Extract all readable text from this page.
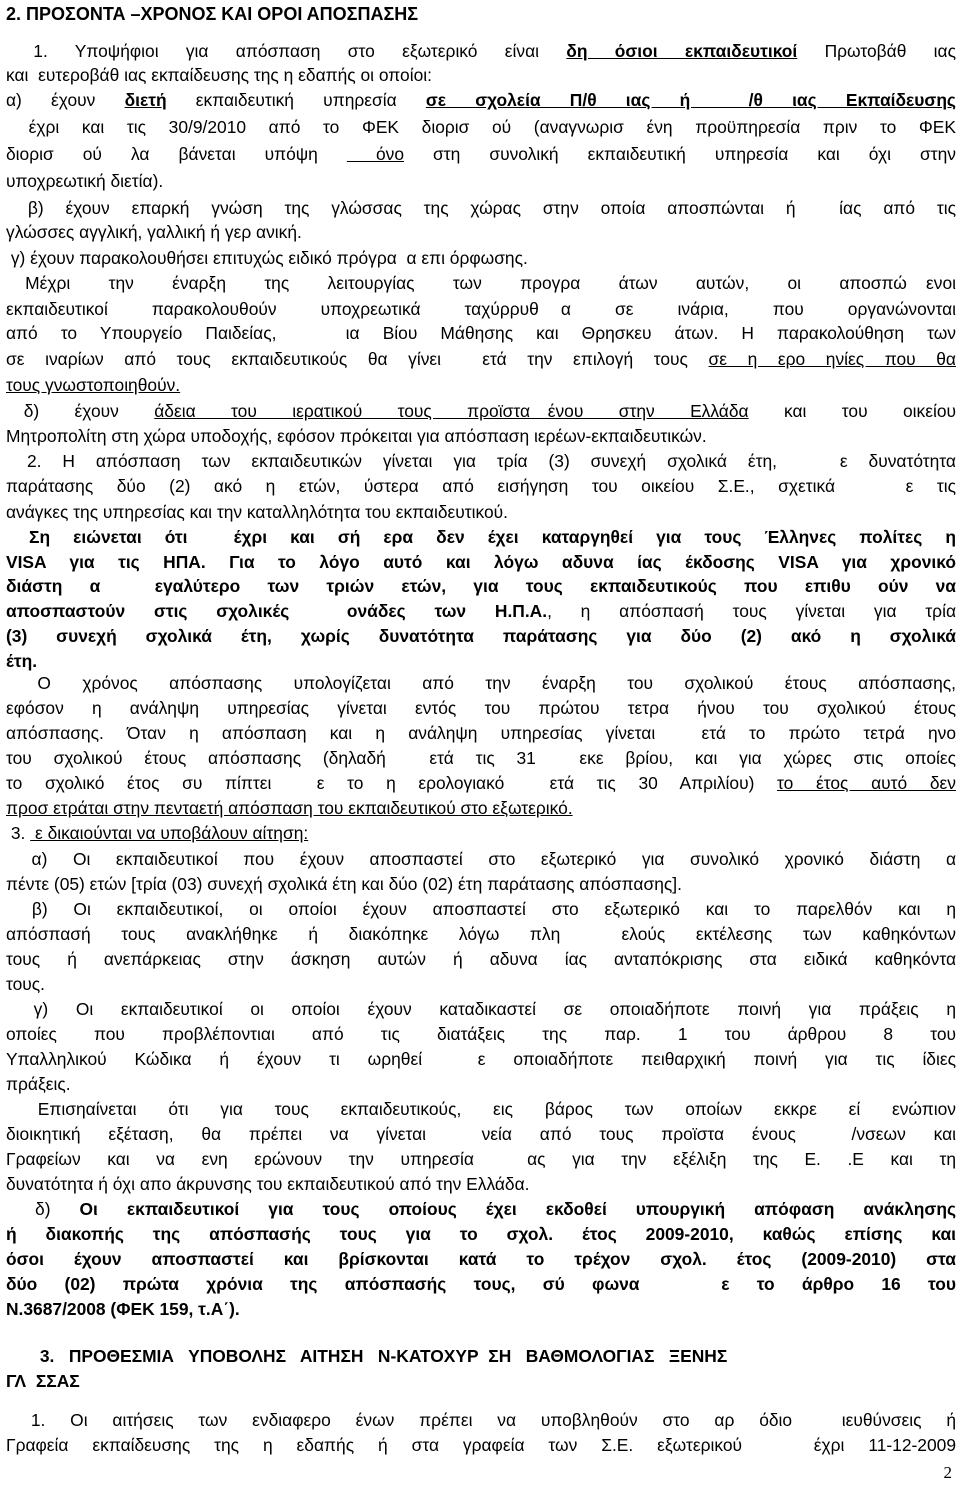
2. ΠΡΟΣΟΝΤΑ –ΧΡΟΝΟΣ ΚΑΙ ΟΡΟΙ ΑΠΟΣΠΑΣΗΣ
1. Υποψήφιοι για απόσπαση στο εξωτερικό είναι δη όσιοι εκπαιδευτικοί Πρωτοβάθ ιας
και  ευτεροβάθ ιας εκπαίδευσης της η εδαπής οι οποίοι:
α) έχουν διετή εκπαιδευτική υπηρεσία σε σχολεία Π/θ ιας ή  /θ ιας Εκπαίδευσης
έχρι και τις 30/9/2010 από το ΦΕΚ διορισ ού (αναγνωρισ ένη προϋπηρεσία πριν το ΦΕΚ
διορισ ού λα βάνεται υπόψη  όνο στη συνολική εκπαιδευτική υπηρεσία και όχι στην
υποχρεωτική διετία).
β) έχουν επαρκή γνώση της γλώσσας της χώρας στην οποία αποσπώνται ή  ίας από τις
γλώσσες αγγλική, γαλλική ή γερ ανική.
γ) έχουν παρακολουθήσει επιτυχώς ειδικό πρόγρα  α επι όρφωσης.
Μέχρι  την  έναρξη  της  λειτουργίας  των  προγρα  άτων  αυτών,  οι  αποσπώ ενοι
εκπαιδευτικοί  παρακολουθούν  υποχρεωτικά  ταχύρρυθ α  σε  ινάρια,  που  οργανώνονται
από το Υπουργείο Παιδείας,   ια Βίου Μάθησης και Θρησκευ άτων. Η παρακολούθηση των
σε ιναρίων από τους εκπαιδευτικούς θα γίνει  ετά την επιλογή τους σε η ερο ηνίες που θα
τους γνωστοποιηθούν.
δ)  έχουν  άδεια  του  ιερατικού  τους  προϊστα ένου  στην  Ελλάδα  και  του  οικείου
Μητροπολίτη στη χώρα υποδοχής, εφόσον πρόκειται για απόσπαση ιερέων-εκπαιδευτικών.
2. Η απόσπαση των εκπαιδευτικών γίνεται για τρία (3) συνεχή σχολικά έτη,   ε δυνατότητα
παράτασης δύο (2) ακό η ετών, ύστερα από εισήγηση του οικείου Σ.Ε., σχετικά   ε τις
ανάγκες της υπηρεσίας και την καταλληλότητα του εκπαιδευτικού.
Ση ειώνεται ότι  έχρι και σή ερα δεν έχει καταργηθεί για τους Έλληνες πολίτες η
VISA για τις ΗΠΑ. Για το λόγο αυτό και λόγω αδυνα ίας έκδοσης VISA για χρονικό
διάστη α  εγαλύτερο των τριών ετών, για τους εκπαιδευτικούς που επιθυ ούν να
αποσπαστούν στις σχολικές  ονάδες των Η.Π.Α., η απόσπασή τους γίνεται για τρία
(3) συνεχή σχολικά έτη, χωρίς δυνατότητα παράτασης για δύο (2) ακό η σχολικά
έτη.
Ο χρόνος απόσπασης υπολογίζεται από την έναρξη του σχολικού έτους απόσπασης,
εφόσον η ανάληψη υπηρεσίας γίνεται εντός του πρώτου τετρα ήνου του σχολικού έτους
απόσπασης. Όταν η απόσπαση και η ανάληψη υπηρεσίας γίνεται  ετά το πρώτο τετρά ηνο
του σχολικού έτους απόσπασης (δηλαδή  ετά τις 31  εκε βρίου, και για χώρες στις οποίες
το σχολικό έτος συ πίπτει  ε το η ερολογιακό  ετά τις 30 Απριλίου) το έτος αυτό δεν
προσ ετράται στην πενταετή απόσπαση του εκπαιδευτικού στο εξωτερικό.
3.  ε δικαιούνται να υποβάλουν αίτηση:
α) Οι εκπαιδευτικοί που έχουν αποσπαστεί στο εξωτερικό για συνολικό χρονικό διάστη α
πέντε (05) ετών [τρία (03) συνεχή σχολικά έτη και δύο (02) έτη παράτασης απόσπασης].
β) Οι εκπαιδευτικοί, οι οποίοι έχουν αποσπαστεί στο εξωτερικό και το παρελθόν και η
απόσπασή τους ανακλήθηκε ή διακόπηκε λόγω πλη  ελούς εκτέλεσης των καθηκόντων
τους ή ανεπάρκειας στην άσκηση αυτών ή αδυνα ίας ανταπόκρισης στα ειδικά καθηκόντα
τους.
γ) Οι εκπαιδευτικοί οι οποίοι έχουν καταδικαστεί σε οποιαδήποτε ποινή για πράξεις η
οποίες που προβλέποντιαι από τις διατάξεις της παρ. 1 του άρθρου 8 του
Υπαλληλικού Κώδικα ή έχουν τι ωρηθεί  ε οποιαδήποτε πειθαρχική ποινή για τις ίδιες
πράξεις.
Επισηαίνεται ότι για τους εκπαιδευτικούς, εις βάρος των οποίων εκκρε εί ενώπιον
διοικητική εξέταση, θα πρέπει να γίνεται  νεία από τους προϊστα ένους  /νσεων και
Γραφείων και να ενη ερώνουν την υπηρεσία  ας για την εξέλιξη της Ε. .Ε και τη
δυνατότητα ή όχι απο άκρυνσης του εκπαιδευτικού από την Ελλάδα.
δ) Οι εκπαιδευτικοί για τους οποίους έχει εκδοθεί υπουργική απόφαση ανάκλησης
ή διακοπής της απόσπασής τους για το σχολ. έτος 2009-2010, καθώς επίσης και
όσοι έχουν αποσπαστεί και βρίσκονται κατά το τρέχον σχολ. έτος (2009-2010) στα
δύο (02) πρώτα χρόνια της απόσπασής τους, σύ φωνα   ε το άρθρο 16 του
Ν.3687/2008 (ΦΕΚ 159, τ.Α΄).
3.   ΠΡΟΘΕΣΜΙΑ   ΥΠΟΒΟΛΗΣ   ΑΙΤΗΣΗ   Ν-ΚΑΤΟΧΥΡ  ΣΗ   ΒΑΘΜΟΛΟΓΙΑΣ   ΞΕΝΗΣ
ΓΛ  ΣΣΑΣ
1. Οι αιτήσεις των ενδιαφερο ένων πρέπει να υποβληθούν στο αρ όδιο  ιευθύνσεις ή
Γραφεία εκπαίδευσης της η εδαπής ή στα γραφεία των Σ.Ε. εξωτερικού   έχρι 11-12-2009
2
